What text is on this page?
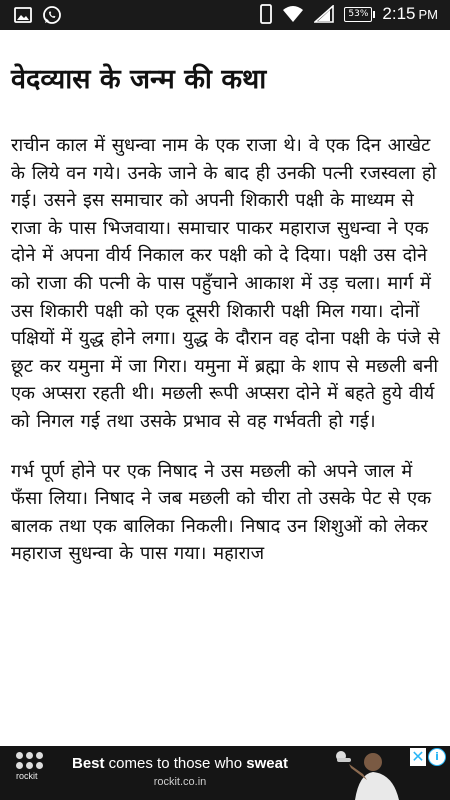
53% 2:15 PM
वेदव्यास के जन्म की कथा

राचीन काल में सुधन्वा नाम के एक राजा थे। वे एक दिन आखेट के लिये वन गये। उनके जाने के बाद ही उनकी पत्नी रजस्वला हो गई। उसने इस समाचार को अपनी शिकारी पक्षी के माध्यम से राजा के पास भिजवाया। समाचार पाकर महाराज सुधन्वा ने एक दोने में अपना वीर्य निकाल कर पक्षी को दे दिया। पक्षी उस दोने को राजा की पत्नी के पास पहुँचाने आकाश में उड़ चला। मार्ग में उस शिकारी पक्षी को एक दूसरी शिकारी पक्षी मिल गया। दोनों पक्षियों में युद्ध होने लगा। युद्ध के दौरान वह दोना पक्षी के पंजे से छूट कर यमुना में जा गिरा। यमुना में ब्रह्मा के शाप से मछली बनी एक अप्सरा रहती थी। मछली रूपी अप्सरा दोने में बहते हुये वीर्य को निगल गई तथा उसके प्रभाव से वह गर्भवती हो गई।

गर्भ पूर्ण होने पर एक निषाद ने उस मछली को अपने जाल में फँसा लिया। निषाद ने जब मछली को चीरा तो उसके पेट से एक बालक तथा एक बालिका निकली। निषाद उन शिशुओं को लेकर महाराज सुधन्वा के पास गया। महाराज

rockit
Best comes to those who sweat
rockit.co.in
✕ i
